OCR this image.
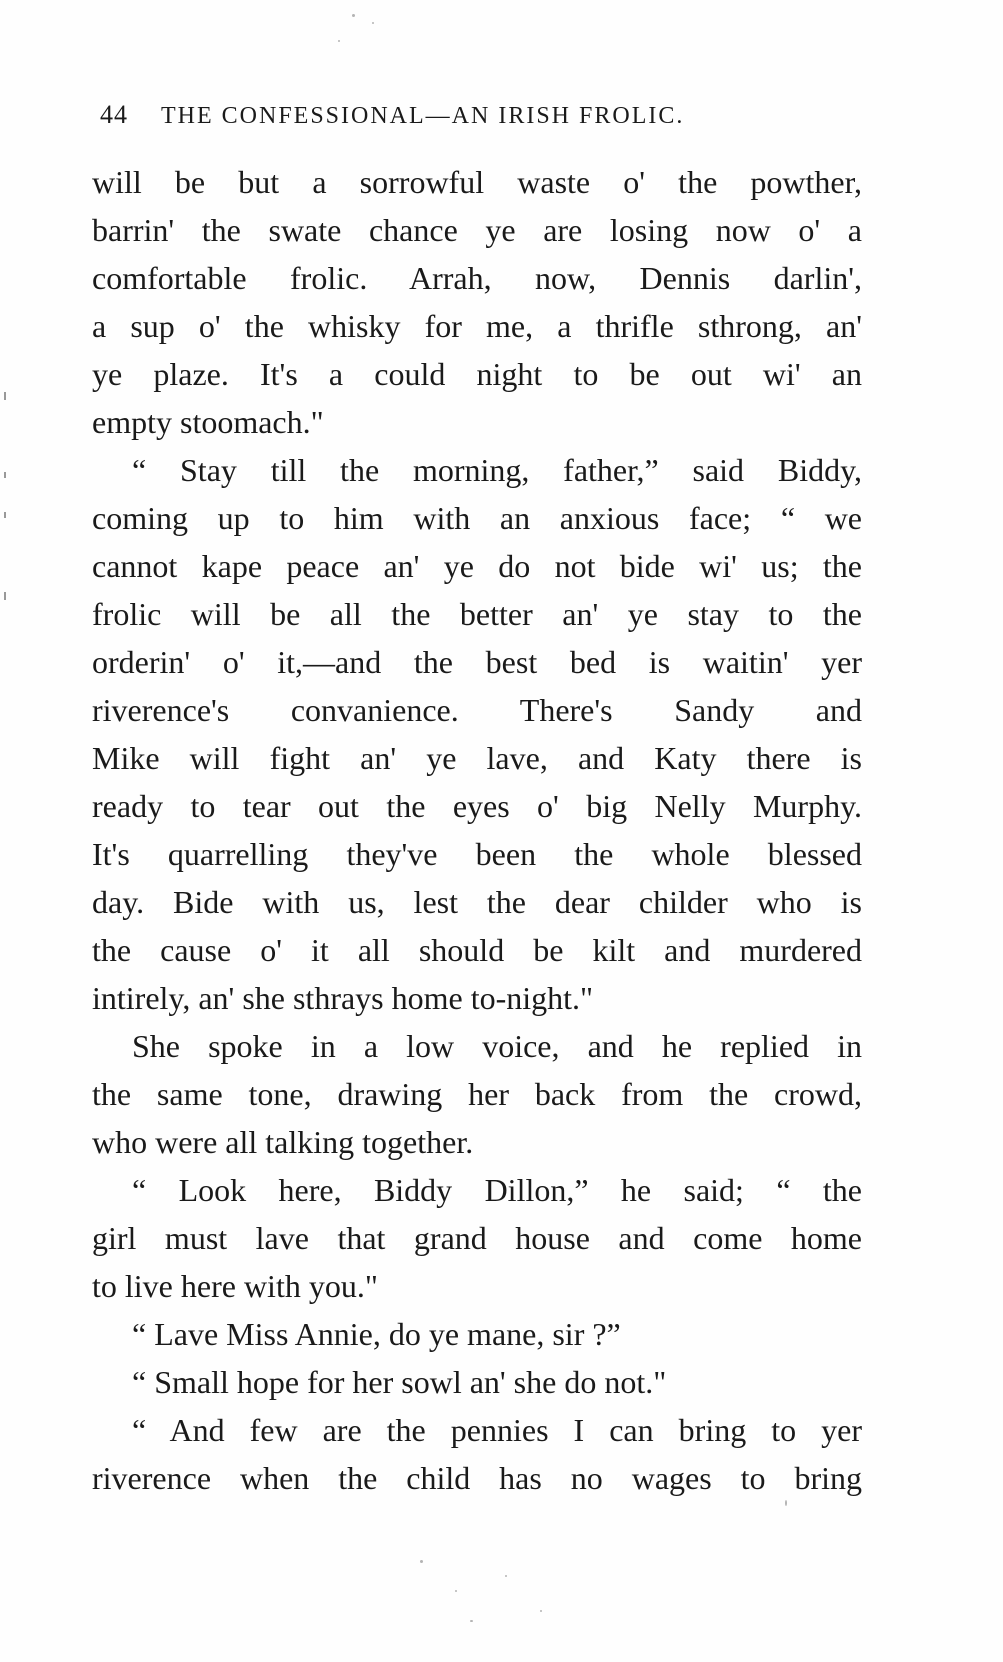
44 THE CONFESSIONAL—AN IRISH FROLIC.
will be but a sorrowful waste o' the powther,
barrin' the swate chance ye are losing now o' a
comfortable frolic. Arrah, now, Dennis darlin',
a sup o' the whisky for me, a thrifle sthrong, an'
ye plaze. It's a could night to be out wi' an
empty stoomach."
“ Stay till the morning, father,” said Biddy,
coming up to him with an anxious face; “ we
cannot kape peace an' ye do not bide wi' us; the
frolic will be all the better an' ye stay to the
orderin' o' it,—and the best bed is waitin' yer
riverence's convanience. There's Sandy and
Mike will fight an' ye lave, and Katy there is
ready to tear out the eyes o' big Nelly Murphy.
It's quarrelling they've been the whole blessed
day. Bide with us, lest the dear childer who is
the cause o' it all should be kilt and murdered
intirely, an' she sthrays home to-night."
She spoke in a low voice, and he replied in
the same tone, drawing her back from the crowd,
who were all talking together.
“ Look here, Biddy Dillon,” he said; “ the
girl must lave that grand house and come home
to live here with you."
“ Lave Miss Annie, do ye mane, sir ?”
“ Small hope for her sowl an' she do not."
“ And few are the pennies I can bring to yer
riverence when the child has no wages to bring
